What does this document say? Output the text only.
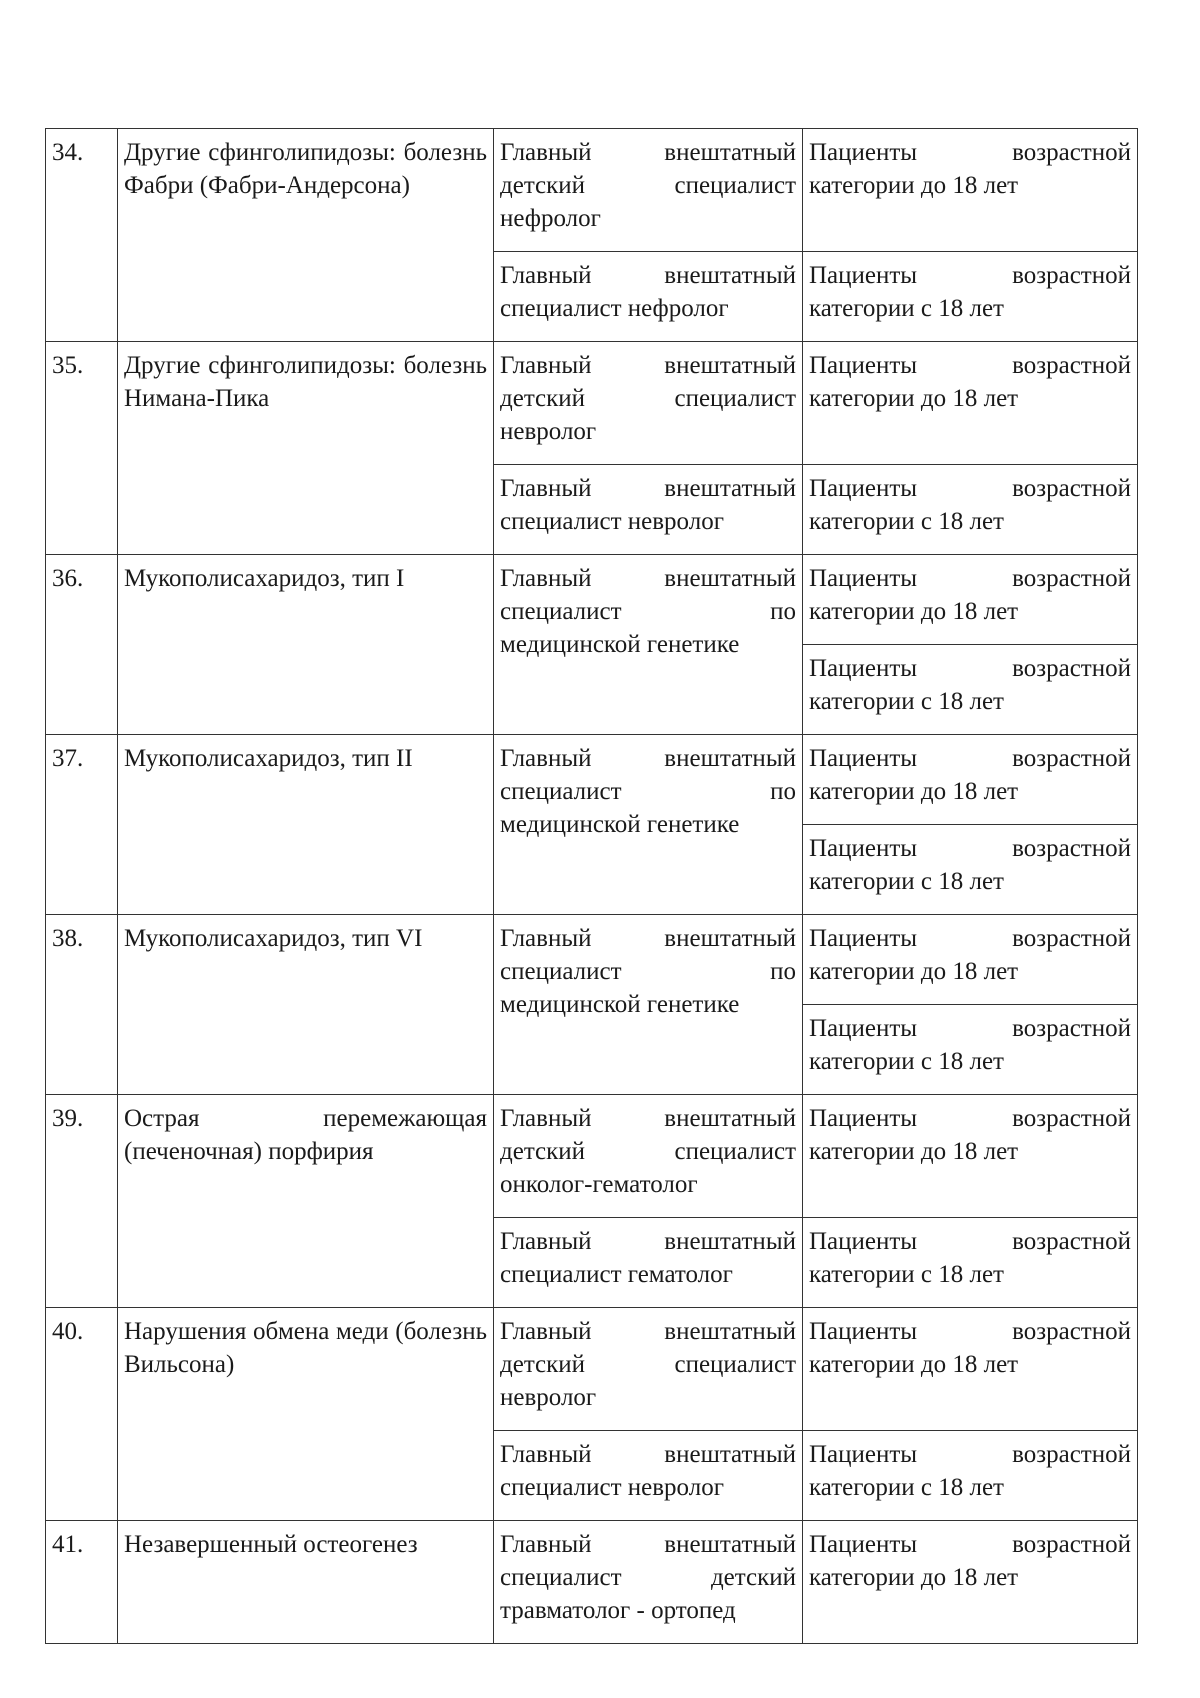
34.	Другие сфинголипидозы: болезнь Фабри (Фабри-Андерсона)	Главный внештатный детский специалист нефролог	Пациенты возрастной категории до 18 лет
		Главный внештатный специалист нефролог	Пациенты возрастной категории с 18 лет
35.	Другие сфинголипидозы: болезнь Нимана-Пика	Главный внештатный детский специалист невролог	Пациенты возрастной категории до 18 лет
		Главный внештатный специалист невролог	Пациенты возрастной категории с 18 лет
36.	Мукополисахаридоз, тип I	Главный внештатный специалист по медицинской генетике	Пациенты возрастной категории до 18 лет
			Пациенты возрастной категории с 18 лет
37.	Мукополисахаридоз, тип II	Главный внештатный специалист по медицинской генетике	Пациенты возрастной категории до 18 лет
			Пациенты возрастной категории с 18 лет
38.	Мукополисахаридоз, тип VI	Главный внештатный специалист по медицинской генетике	Пациенты возрастной категории до 18 лет
			Пациенты возрастной категории с 18 лет
39.	Острая перемежающая (печеночная) порфирия	Главный внештатный детский специалист онколог-гематолог	Пациенты возрастной категории до 18 лет
		Главный внештатный специалист гематолог	Пациенты возрастной категории с 18 лет
40.	Нарушения обмена меди (болезнь Вильсона)	Главный внештатный детский специалист невролог	Пациенты возрастной категории до 18 лет
		Главный внештатный специалист невролог	Пациенты возрастной категории с 18 лет
41.	Незавершенный остеогенез	Главный внештатный специалист детский травматолог - ортопед	Пациенты возрастной категории до 18 лет
